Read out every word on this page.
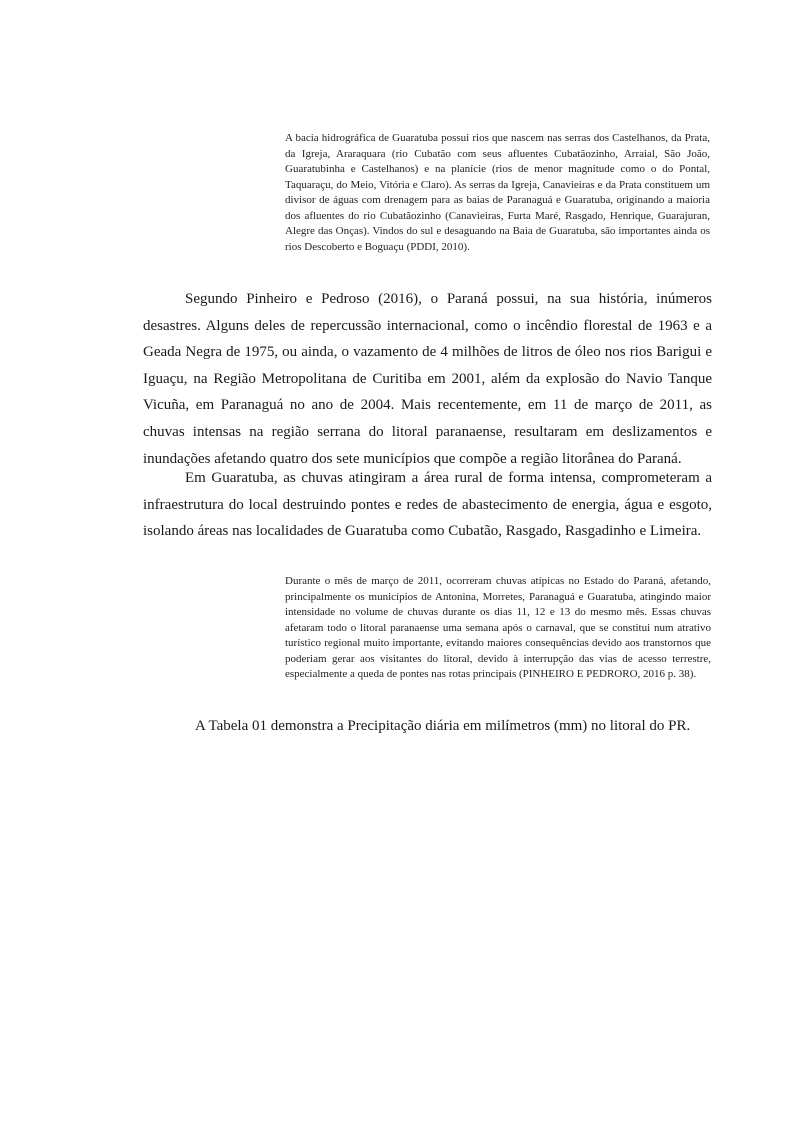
A bacia hidrográfica de Guaratuba possui rios que nascem nas serras dos Castelhanos, da Prata, da Igreja, Araraquara (rio Cubatão com seus afluentes Cubatãozinho, Arraial, São João, Guaratubinha e Castelhanos) e na planície (rios de menor magnitude como o do Pontal, Taquaraçu, do Meio, Vitória e Claro). As serras da Igreja, Canavieiras e da Prata constituem um divisor de águas com drenagem para as baias de Paranaguá e Guaratuba, originando a maioria dos afluentes do rio Cubatãozinho (Canavieiras, Furta Maré, Rasgado, Henrique, Guarajuran, Alegre das Onças). Vindos do sul e desaguando na Baia de Guaratuba, são importantes ainda os rios Descoberto e Boguaçu (PDDI, 2010).

Segundo Pinheiro e Pedroso (2016), o Paraná possui, na sua história, inúmeros desastres. Alguns deles de repercussão internacional, como o incêndio florestal de 1963 e a Geada Negra de 1975, ou ainda, o vazamento de 4 milhões de litros de óleo nos rios Barigui e Iguaçu, na Região Metropolitana de Curitiba em 2001, além da explosão do Navio Tanque Vicuña, em Paranaguá no ano de 2004. Mais recentemente, em 11 de março de 2011, as chuvas intensas na região serrana do litoral paranaense, resultaram em deslizamentos e inundações afetando quatro dos sete municípios que compõe a região litorânea do Paraná.

Em Guaratuba, as chuvas atingiram a área rural de forma intensa, comprometeram a infraestrutura do local destruindo pontes e redes de abastecimento de energia, água e esgoto, isolando áreas nas localidades de Guaratuba como Cubatão, Rasgado, Rasgadinho e Limeira.

Durante o mês de março de 2011, ocorreram chuvas atípicas no Estado do Paraná, afetando, principalmente os municípios de Antonina, Morretes, Paranaguá e Guaratuba, atingindo maior intensidade no volume de chuvas durante os dias 11, 12 e 13 do mesmo mês. Essas chuvas afetaram todo o litoral paranaense uma semana após o carnaval, que se constitui num atrativo turístico regional muito importante, evitando maiores consequências devido aos transtornos que poderiam gerar aos visitantes do litoral, devido à interrupção das vias de acesso terrestre, especialmente a queda de pontes nas rotas principais (PINHEIRO E PEDRORO, 2016 p. 38).

A Tabela 01 demonstra a Precipitação diária em milímetros (mm) no litoral do PR.
